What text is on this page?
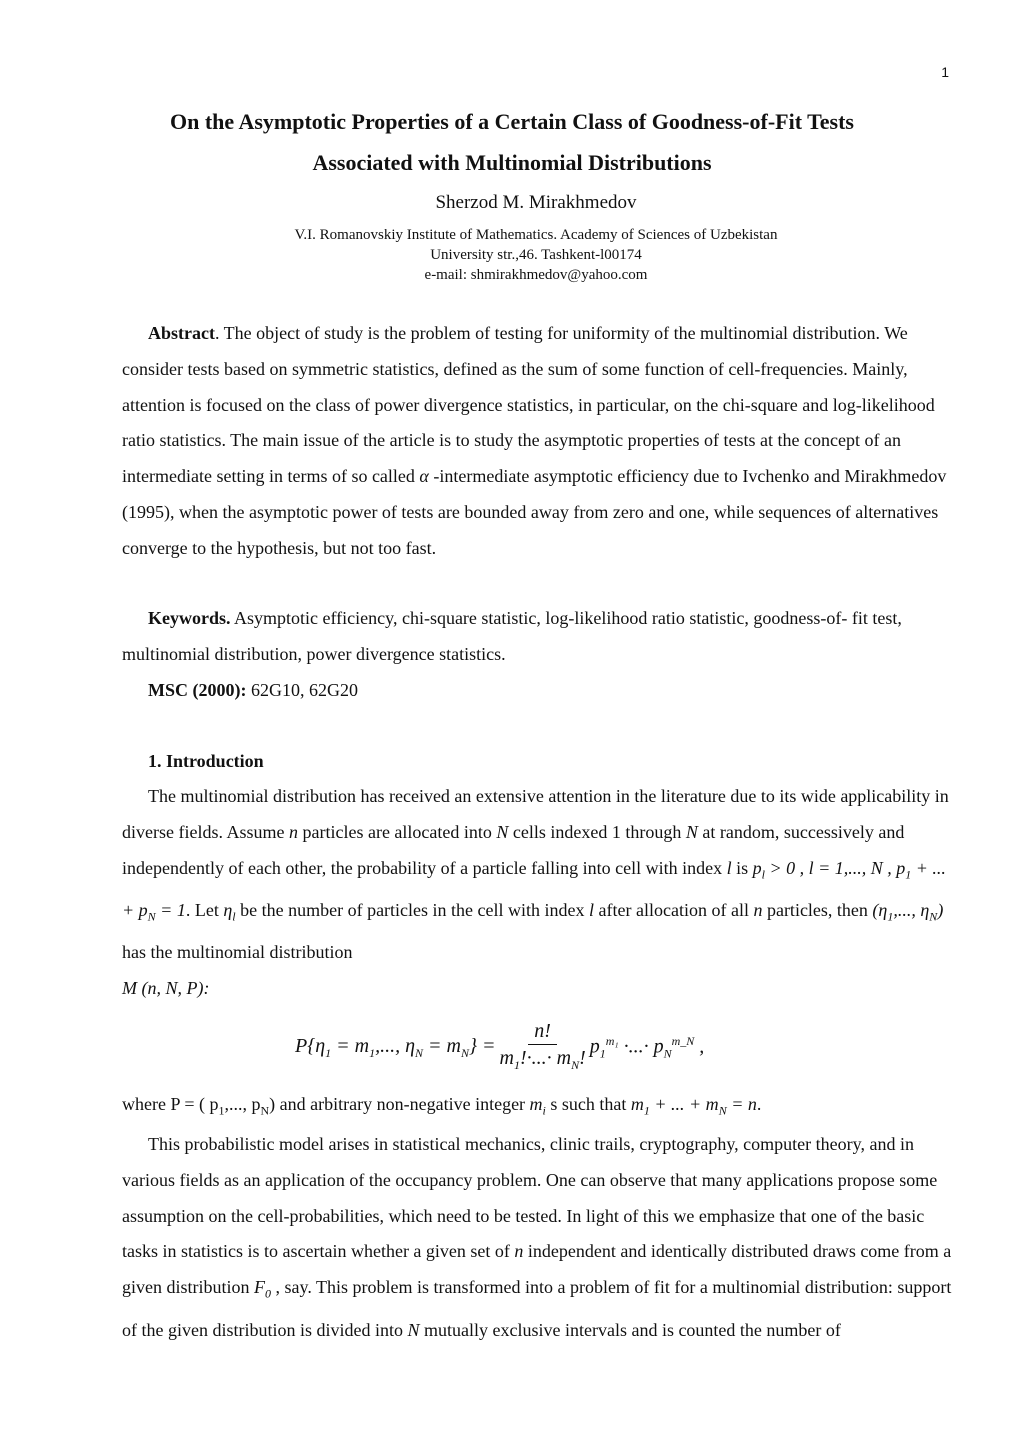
1
On the Asymptotic Properties of a Certain Class of Goodness-of-Fit Tests
Associated with Multinomial Distributions
Sherzod M. Mirakhmedov
V.I. Romanovskiy Institute of Mathematics. Academy of Sciences of Uzbekistan
University str.,46. Tashkent-l00174
e-mail: shmirakhmedov@yahoo.com

Abstract. The object of study is the problem of testing for uniformity of the multinomial distribution. We consider tests based on symmetric statistics, defined as the sum of some function of cell-frequencies. Mainly, attention is focused on the class of power divergence statistics, in particular, on the chi-square and log-likelihood ratio statistics. The main issue of the article is to study the asymptotic properties of tests at the concept of an intermediate setting in terms of so called α -intermediate asymptotic efficiency due to Ivchenko and Mirakhmedov (1995), when the asymptotic power of tests are bounded away from zero and one, while sequences of alternatives converge to the hypothesis, but not too fast.

Keywords. Asymptotic efficiency, chi-square statistic, log-likelihood ratio statistic, goodness-of- fit test, multinomial distribution, power divergence statistics.

MSC (2000): 62G10, 62G20

1. Introduction

The multinomial distribution has received an extensive attention in the literature due to its wide applicability in diverse fields. Assume n particles are allocated into N cells indexed 1 through N at random, successively and independently of each other, the probability of a particle falling into cell with index l is $p_l > 0$ , l = 1,..., N , $p_1$ + ... + $p_N = 1$. Let $\eta_l$ be the number of particles in the cell with index l after allocation of all n particles, then ($\eta_1$,..., $\eta_N$) has the multinomial distribution
M (n, N, P):

$P\{\eta_1 = m_1$,..., $\eta_N = m_N\} = \frac{n!}{m_1!\cdot...\cdot m_N!} p_1^{m_1}$ ·...· $p_N^{m\_N}$ ,
where P = ( $p_1$,..., $p_N$) and arbitrary non-negative integer $m_i$ s such that $m_1$ + ... + $m_N = n$.

This probabilistic model arises in statistical mechanics, clinic trails, cryptography, computer theory, and in various fields as an application of the occupancy problem. One can observe that many applications propose some assumption on the cell-probabilities, which need to be tested. In light of this we emphasize that one of the basic tasks in statistics is to ascertain whether a given set of n independent and identically distributed draws come from a given distribution $F_0$ , say. This problem is transformed into a problem of fit for a multinomial distribution: support of the given distribution is divided into N mutually exclusive intervals and is counted the number of
